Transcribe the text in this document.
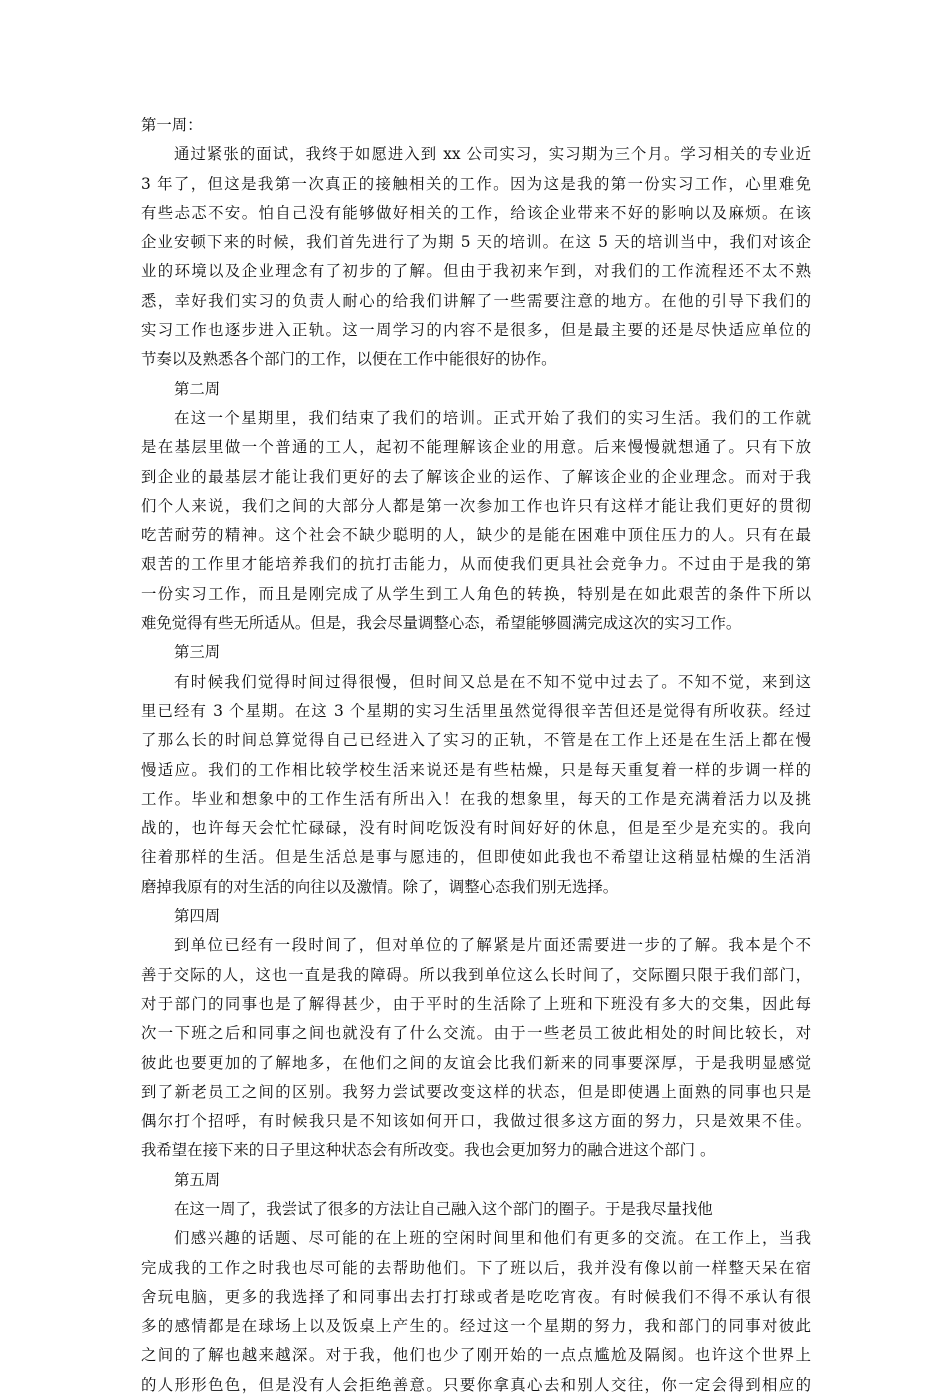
第一周：

通过紧张的面试，我终于如愿进入到 xx 公司实习，实习期为三个月。学习相关的专业近
3 年了，但这是我第一次真正的接触相关的工作。因为这是我的第一份实习工作，心里难免
有些忐忑不安。怕自己没有能够做好相关的工作，给该企业带来不好的影响以及麻烦。在该
企业安顿下来的时候，我们首先进行了为期 5 天的培训。在这 5 天的培训当中，我们对该企
业的环境以及企业理念有了初步的了解。但由于我初来乍到，对我们的工作流程还不太不熟
悉，幸好我们实习的负责人耐心的给我们讲解了一些需要注意的地方。在他的引导下我们的
实习工作也逐步进入正轨。这一周学习的内容不是很多，但是最主要的还是尽快适应单位的
节奏以及熟悉各个部门的工作，以便在工作中能很好的协作。

第二周

在这一个星期里，我们结束了我们的培训。正式开始了我们的实习生活。我们的工作就
是在基层里做一个普通的工人，起初不能理解该企业的用意。后来慢慢就想通了。只有下放
到企业的最基层才能让我们更好的去了解该企业的运作、了解该企业的企业理念。而对于我
们个人来说，我们之间的大部分人都是第一次参加工作也许只有这样才能让我们更好的贯彻
吃苦耐劳的精神。这个社会不缺少聪明的人，缺少的是能在困难中顶住压力的人。只有在最
艰苦的工作里才能培养我们的抗打击能力，从而使我们更具社会竞争力。不过由于是我的第
一份实习工作，而且是刚完成了从学生到工人角色的转换，特别是在如此艰苦的条件下所以
难免觉得有些无所适从。但是，我会尽量调整心态，希望能够圆满完成这次的实习工作。

第三周

有时候我们觉得时间过得很慢，但时间又总是在不知不觉中过去了。不知不觉，来到这
里已经有 3 个星期。在这 3 个星期的实习生活里虽然觉得很辛苦但还是觉得有所收获。经过
了那么长的时间总算觉得自己已经进入了实习的正轨，不管是在工作上还是在生活上都在慢
慢适应。我们的工作相比较学校生活来说还是有些枯燥，只是每天重复着一样的步调一样的
工作。毕业和想象中的工作生活有所出入！在我的想象里，每天的工作是充满着活力以及挑
战的，也许每天会忙忙碌碌，没有时间吃饭没有时间好好的休息，但是至少是充实的。我向
往着那样的生活。但是生活总是事与愿违的，但即使如此我也不希望让这稍显枯燥的生活消
磨掉我原有的对生活的向往以及激情。除了，调整心态我们别无选择。

第四周

到单位已经有一段时间了，但对单位的了解紧是片面还需要进一步的了解。我本是个不
善于交际的人，这也一直是我的障碍。所以我到单位这么长时间了，交际圈只限于我们部门，
对于部门的同事也是了解得甚少，由于平时的生活除了上班和下班没有多大的交集，因此每
次一下班之后和同事之间也就没有了什么交流。由于一些老员工彼此相处的时间比较长，对
彼此也要更加的了解地多，在他们之间的友谊会比我们新来的同事要深厚，于是我明显感觉
到了新老员工之间的区别。我努力尝试要改变这样的状态，但是即使遇上面熟的同事也只是
偶尔打个招呼，有时候我只是不知该如何开口，我做过很多这方面的努力，只是效果不佳。
我希望在接下来的日子里这种状态会有所改变。我也会更加努力的融合进这个部门 。

第五周

在这一周了，我尝试了很多的方法让自己融入这个部门的圈子。于是我尽量找他

们感兴趣的话题、尽可能的在上班的空闲时间里和他们有更多的交流。在工作上，当我
完成我的工作之时我也尽可能的去帮助他们。下了班以后，我并没有像以前一样整天呆在宿
舍玩电脑，更多的我选择了和同事出去打打球或者是吃吃宵夜。有时候我们不得不承认有很
多的感情都是在球场上以及饭桌上产生的。经过这一个星期的努力，我和部门的同事对彼此
之间的了解也越来越深。对于我，他们也少了刚开始的一点点尴尬及隔阂。也许这个世界上
的人形形色色，但是没有人会拒绝善意。只要你拿真心去和别人交往，你一定会得到相应的
